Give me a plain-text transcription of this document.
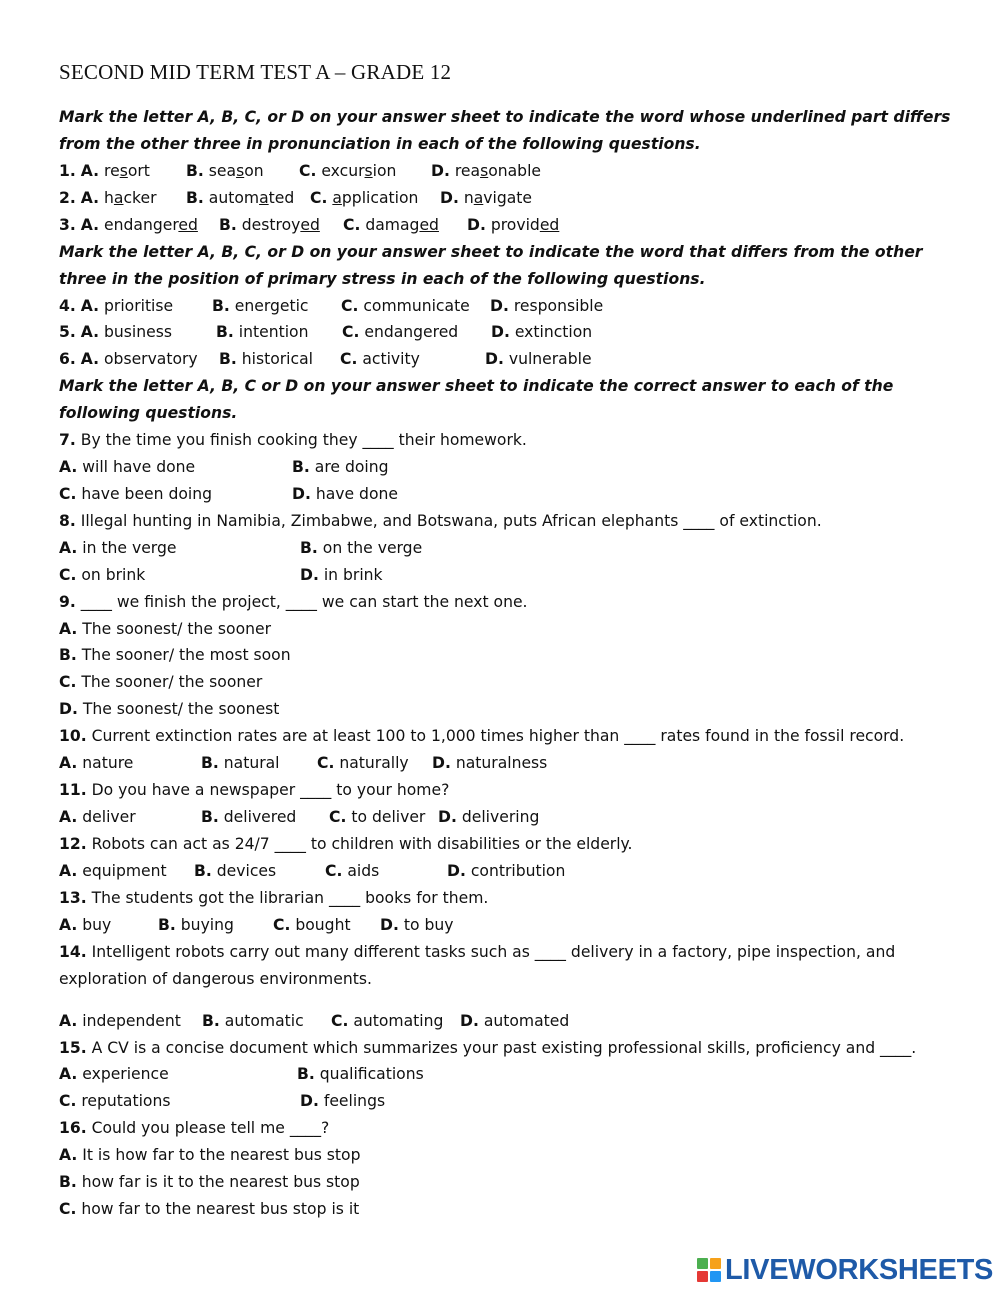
SECOND MID TERM TEST A – GRADE 12
Mark the letter A, B, C, or D on your answer sheet to indicate the word whose underlined part differs
from the other three in pronunciation in each of the following questions.
1. A. resort B. season C. excursion D. reasonable
2. A. hacker B. automated C. application D. navigate
3. A. endangered B. destroyed C. damaged D. provided
Mark the letter A, B, C, or D on your answer sheet to indicate the word that differs from the other
three in the position of primary stress in each of the following questions.
4. A. prioritise B. energetic C. communicate D. responsible
5. A. business	B. intention C. endangered D. extinction
6. A. observatory B. historical C. activity	D. vulnerable
Mark the letter A, B, C or D on your answer sheet to indicate the correct answer to each of the
following questions.
7. By the time you finish cooking they ____ their homework.
A. will have done	B. are doing
C. have been doing	D. have done
8. Illegal hunting in Namibia, Zimbabwe, and Botswana, puts African elephants ____ of extinction.
A. in the verge	B. on the verge
C. on brink	D. in brink
9. ____ we finish the project, ____ we can start the next one.
A. The soonest/ the sooner
B. The sooner/ the most soon
C. The sooner/ the sooner
D. The soonest/ the soonest
10. Current extinction rates are at least 100 to 1,000 times higher than ____ rates found in the fossil record.
A. nature	B. natural C. naturally D. naturalness
11. Do you have a newspaper ____ to your home?
A. deliver	B. delivered C. to deliver D. delivering
12. Robots can act as 24/7 ____ to children with disabilities or the elderly.
A. equipment B. devices	C. aids	D. contribution
13. The students got the librarian ____ books for them.
A. buy	B. buying	C. bought D. to buy
14. Intelligent robots carry out many different tasks such as ____ delivery in a factory, pipe inspection, and
exploration of dangerous environments.
A. independent B. automatic C. automating D. automated
15. A CV is a concise document which summarizes your past existing professional skills, proficiency and ____.
A. experience	B. qualifications
C. reputations	D. feelings
16. Could you please tell me ____?
A. It is how far to the nearest bus stop
B. how far is it to the nearest bus stop
C. how far to the nearest bus stop is it
LIVEWORKSHEETS
